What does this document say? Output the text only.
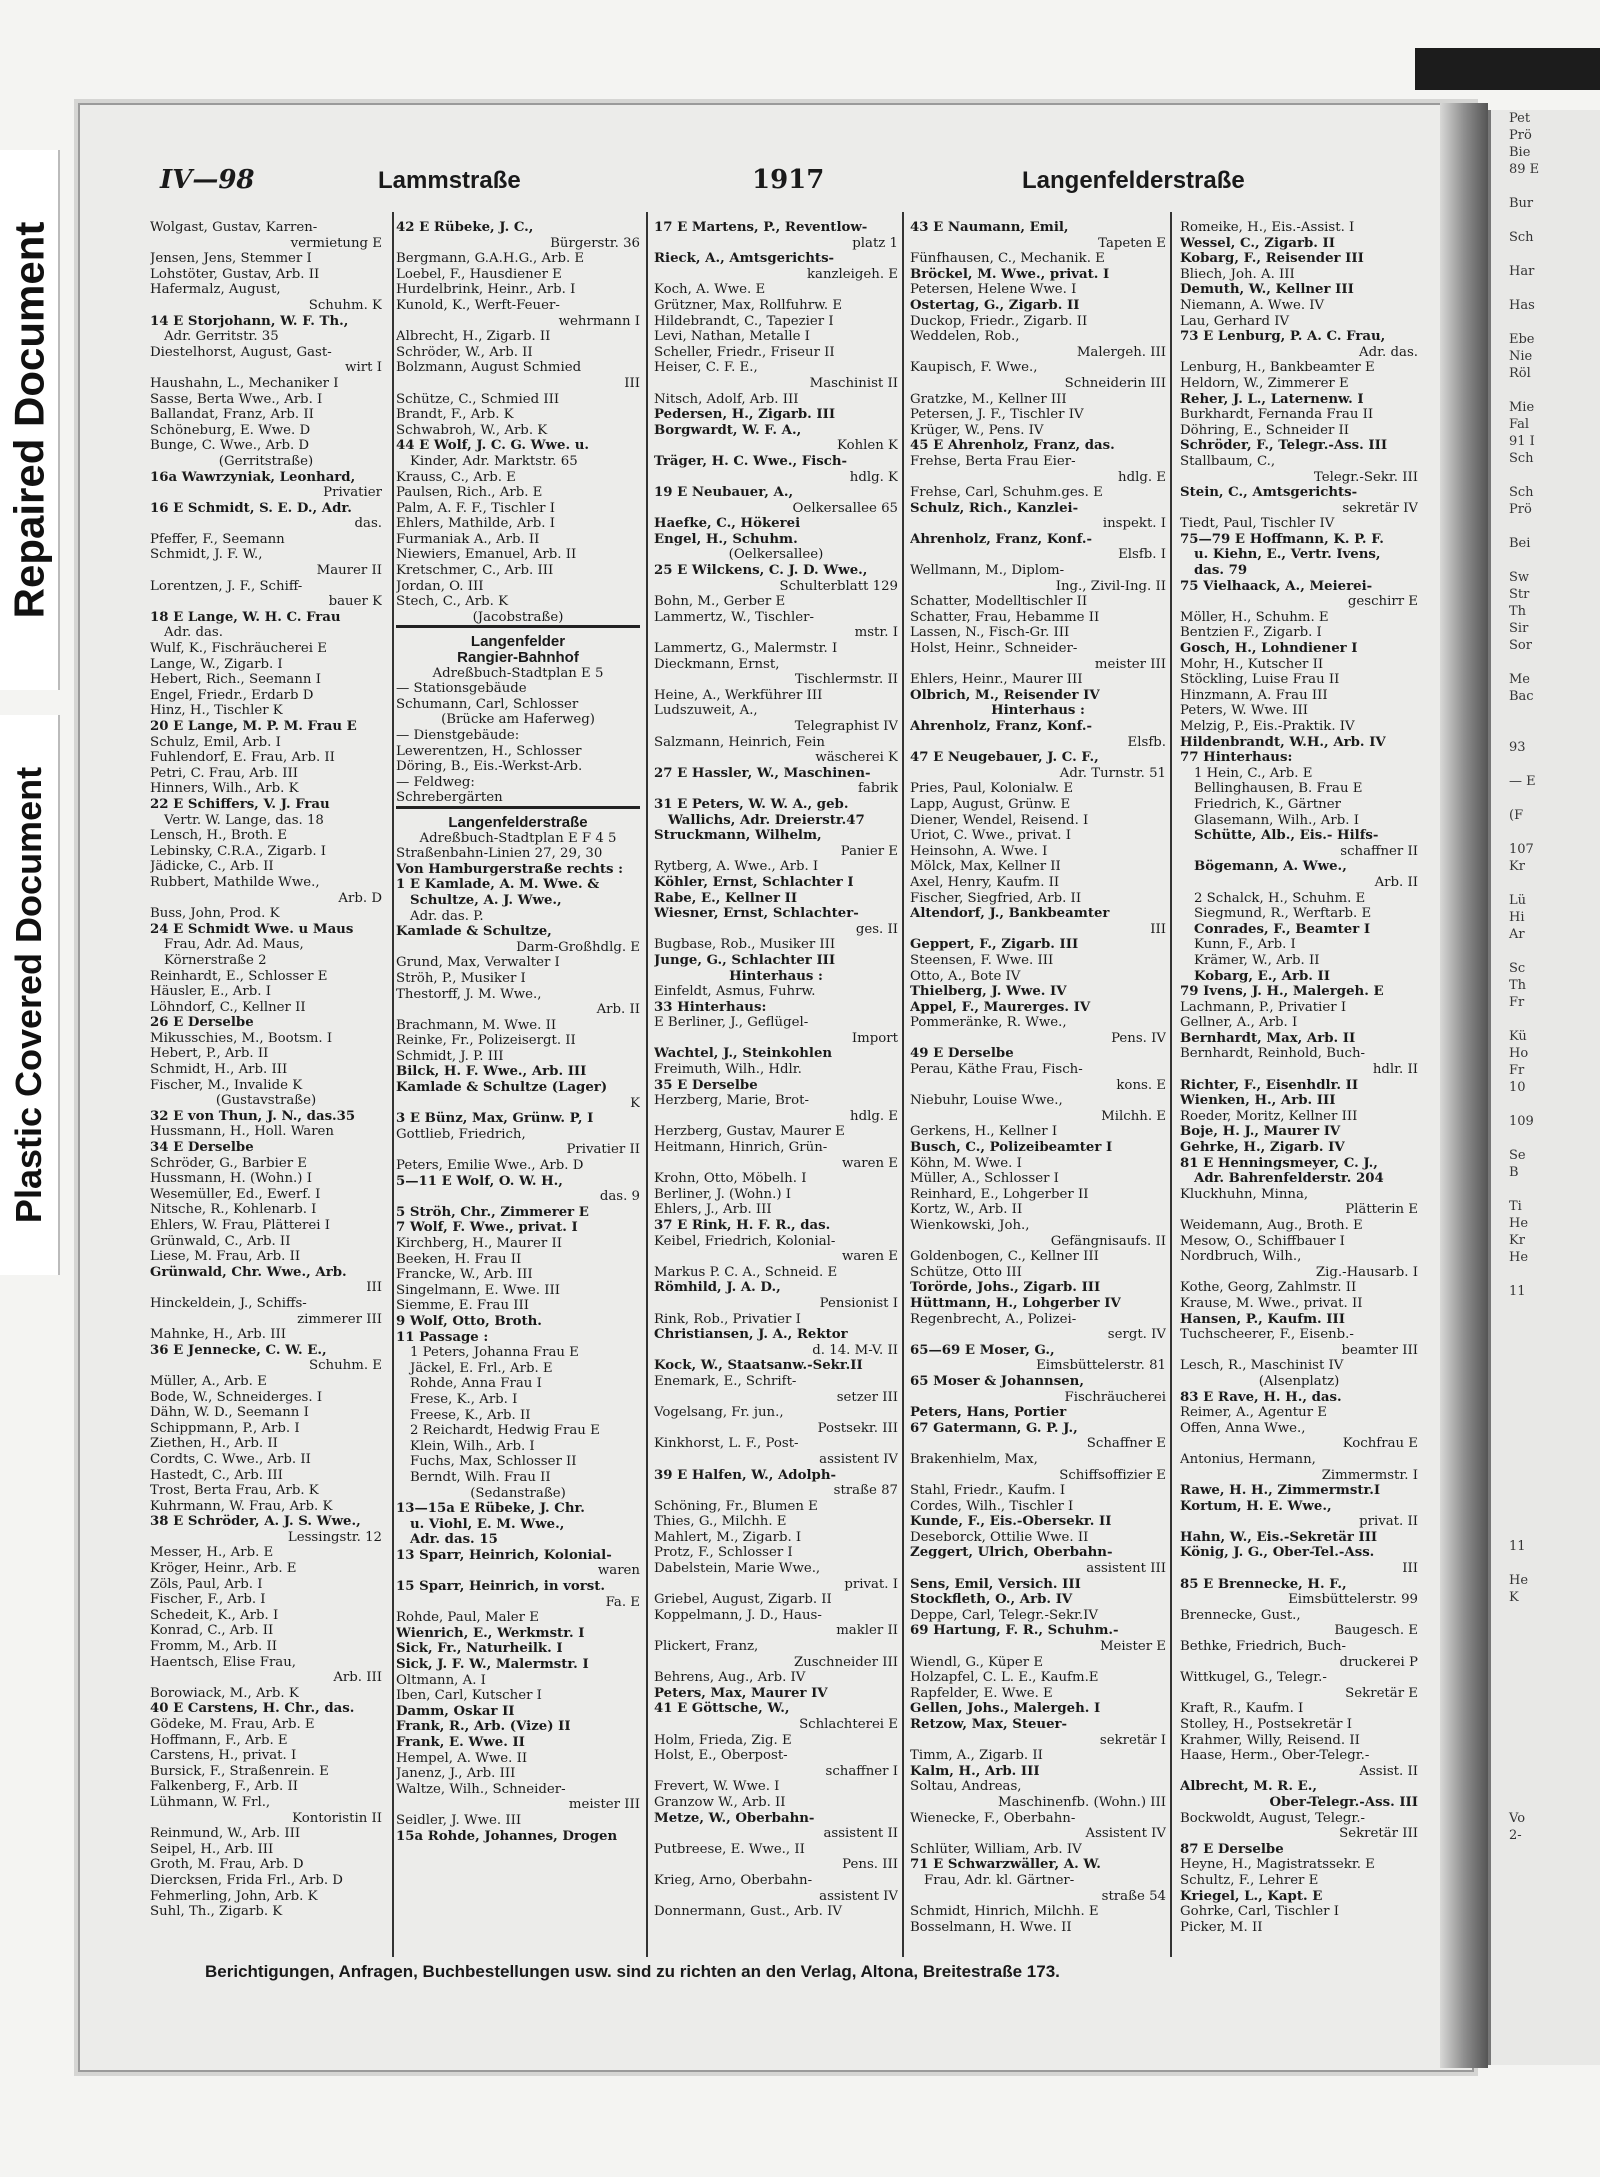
Repaired Document
Plastic Covered Document
Pet
Prö
Bie
89 E

Bur

Sch

Har

Has

Ebe
Nie
Röl

Mie
Fal
91 I
Sch

Sch
Prö

Bei

Sw
Str
Th
Sir
Sor

Me
Bac

93

— E

(F

107
Kr

Lü
Hi
Ar

Sc
Th
Fr

Kü
Ho
Fr
10

109

Se
B

Ti
He
Kr
He

11

11

He
K

Vo
2-
IV—98	Lammstraße	1917	Langenfelderstraße
Wolgast, Gustav, Karren-
vermietung E
Jensen, Jens, Stemmer I
Lohstöter, Gustav, Arb. II
Hafermalz, August,
Schuhm. K
14 E Storjohann, W. F. Th.,
Adr. Gerritstr. 35
Diestelhorst, August, Gast-
wirt I
Haushahn, L., Mechaniker I
Sasse, Berta Wwe., Arb. I
Ballandat, Franz, Arb. II
Schöneburg, E. Wwe. D
Bunge, C. Wwe., Arb. D
(Gerritstraße)
16a Wawrzyniak, Leonhard,
Privatier
16 E Schmidt, S. E. D., Adr.
das.
Pfeffer, F., Seemann
Schmidt, J. F. W.,
Maurer II
Lorentzen, J. F., Schiff-
bauer K
18 E Lange, W. H. C. Frau
Adr. das.
Wulf, K., Fischräucherei E
Lange, W., Zigarb. I
Hebert, Rich., Seemann I
Engel, Friedr., Erdarb D
Hinz, H., Tischler K
20 E Lange, M. P. M. Frau E
Schulz, Emil, Arb. I
Fuhlendorf, E. Frau, Arb. II
Petri, C. Frau, Arb. III
Hinners, Wilh., Arb. K
22 E Schiffers, V. J. Frau
Vertr. W. Lange, das. 18
Lensch, H., Broth. E
Lebinsky, C.R.A., Zigarb. I
Jädicke, C., Arb. II
Rubbert, Mathilde Wwe.,
Arb. D
Buss, John, Prod. K
24 E Schmidt Wwe. u Maus
Frau, Adr. Ad. Maus,
Körnerstraße 2
Reinhardt, E., Schlosser E
Häusler, E., Arb. I
Löhndorf, C., Kellner II
26 E Derselbe
Mikusschies, M., Bootsm. I
Hebert, P., Arb. II
Schmidt, H., Arb. III
Fischer, M., Invalide K
(Gustavstraße)
32 E von Thun, J. N., das.35
Hussmann, H., Holl. Waren
34 E Derselbe
Schröder, G., Barbier E
Hussmann, H. (Wohn.) I
Wesemüller, Ed., Ewerf. I
Nitsche, R., Kohlenarb. I
Ehlers, W. Frau, Plätterei I
Grünwald, C., Arb. II
Liese, M. Frau, Arb. II
Grünwald, Chr. Wwe., Arb.
III
Hinckeldein, J., Schiffs-
zimmerer III
Mahnke, H., Arb. III
36 E Jennecke, C. W. E.,
Schuhm. E
Müller, A., Arb. E
Bode, W., Schneiderges. I
Dähn, W. D., Seemann I
Schippmann, P., Arb. I
Ziethen, H., Arb. II
Cordts, C. Wwe., Arb. II
Hastedt, C., Arb. III
Trost, Berta Frau, Arb. K
Kuhrmann, W. Frau, Arb. K
38 E Schröder, A. J. S. Wwe.,
Lessingstr. 12
Messer, H., Arb. E
Kröger, Heinr., Arb. E
Zöls, Paul, Arb. I
Fischer, F., Arb. I
Schedeit, K., Arb. I
Konrad, C., Arb. II
Fromm, M., Arb. II
Haentsch, Elise Frau,
Arb. III
Borowiack, M., Arb. K
40 E Carstens, H. Chr., das.
Gödeke, M. Frau, Arb. E
Hoffmann, F., Arb. E
Carstens, H., privat. I
Bursick, F., Straßenrein. E
Falkenberg, F., Arb. II
Lühmann, W. Frl.,
Kontoristin II
Reinmund, W., Arb. III
Seipel, H., Arb. III
Groth, M. Frau, Arb. D
Diercksen, Frida Frl., Arb. D
Fehmerling, John, Arb. K
Suhl, Th., Zigarb. K
42 E Rübeke, J. C.,
Bürgerstr. 36
Bergmann, G.A.H.G., Arb. E
Loebel, F., Hausdiener E
Hurdelbrink, Heinr., Arb. I
Kunold, K., Werft-Feuer-
wehrmann I
Albrecht, H., Zigarb. II
Schröder, W., Arb. II
Bolzmann, August Schmied
III
Schütze, C., Schmied III
Brandt, F., Arb. K
Schwabroh, W., Arb. K
44 E Wolf, J. C. G. Wwe. u.
Kinder, Adr. Marktstr. 65
Krauss, C., Arb. E
Paulsen, Rich., Arb. E
Palm, A. F. F., Tischler I
Ehlers, Mathilde, Arb. I
Furmaniak A., Arb. II
Niewiers, Emanuel, Arb. II
Kretschmer, C., Arb. III
Jordan, O. III
Stech, C., Arb. K
(Jacobstraße)
Langenfelder
Rangier-Bahnhof
Adreßbuch-Stadtplan E 5
— Stationsgebäude
Schumann, Carl, Schlosser
(Brücke am Haferweg)
— Dienstgebäude:
Lewerentzen, H., Schlosser
Döring, B., Eis.-Werkst-Arb.
— Feldweg:
Schrebergärten
Langenfelderstraße
Adreßbuch-Stadtplan E F 4 5
Straßenbahn-Linien 27, 29, 30
Von Hamburgerstraße rechts :
1 E Kamlade, A. M. Wwe. &
Schultze, A. J. Wwe.,
Adr. das. P.
Kamlade & Schultze,
Darm-Großhdlg. E
Grund, Max, Verwalter I
Ströh, P., Musiker I
Thestorff, J. M. Wwe.,
Arb. II
Brachmann, M. Wwe. II
Reinke, Fr., Polizeisergt. II
Schmidt, J. P. III
Bilck, H. F. Wwe., Arb. III
Kamlade & Schultze (Lager)
K
3 E Bünz, Max, Grünw. P, I
Gottlieb, Friedrich,
Privatier II
Peters, Emilie Wwe., Arb. D
5—11 E Wolf, O. W. H.,
das. 9
5 Ströh, Chr., Zimmerer E
7 Wolf, F. Wwe., privat. I
Kirchberg, H., Maurer II
Beeken, H. Frau II
Francke, W., Arb. III
Singelmann, E. Wwe. III
Siemme, E. Frau III
9 Wolf, Otto, Broth.
11 Passage :
1 Peters, Johanna Frau E
Jäckel, E. Frl., Arb. E
Rohde, Anna Frau I
Frese, K., Arb. I
Freese, K., Arb. II
2 Reichardt, Hedwig Frau E
Klein, Wilh., Arb. I
Fuchs, Max, Schlosser II
Berndt, Wilh. Frau II
(Sedanstraße)
13—15a E Rübeke, J. Chr.
u. Viohl, E. M. Wwe.,
Adr. das. 15
13 Sparr, Heinrich, Kolonial-
waren
15 Sparr, Heinrich, in vorst.
Fa. E
Rohde, Paul, Maler E
Wienrich, E., Werkmstr. I
Sick, Fr., Naturheilk. I
Sick, J. F. W., Malermstr. I
Oltmann, A. I
Iben, Carl, Kutscher I
Damm, Oskar II
Frank, R., Arb. (Vize) II
Frank, E. Wwe. II
Hempel, A. Wwe. II
Janenz, J., Arb. III
Waltze, Wilh., Schneider-
meister III
Seidler, J. Wwe. III
15a Rohde, Johannes, Drogen
17 E Martens, P., Reventlow-
platz 1
Rieck, A., Amtsgerichts-
kanzleigeh. E
Koch, A. Wwe. E
Grützner, Max, Rollfuhrw. E
Hildebrandt, C., Tapezier I
Levi, Nathan, Metalle I
Scheller, Friedr., Friseur II
Heiser, C. F. E.,
Maschinist II
Nitsch, Adolf, Arb. III
Pedersen, H., Zigarb. III
Borgwardt, W. F. A.,
Kohlen K
Träger, H. C. Wwe., Fisch-
hdlg. K
19 E Neubauer, A.,
Oelkersallee 65
Haefke, C., Hökerei
Engel, H., Schuhm.
(Oelkersallee)
25 E Wilckens, C. J. D. Wwe.,
Schulterblatt 129
Bohn, M., Gerber E
Lammertz, W., Tischler-
mstr. I
Lammertz, G., Malermstr. I
Dieckmann, Ernst,
Tischlermstr. II
Heine, A., Werkführer III
Ludszuweit, A.,
Telegraphist IV
Salzmann, Heinrich, Fein
wäscherei K
27 E Hassler, W., Maschinen-
fabrik
31 E Peters, W. W. A., geb.
Wallichs, Adr. Dreierstr.47
Struckmann, Wilhelm,
Panier E
Rytberg, A. Wwe., Arb. I
Köhler, Ernst, Schlachter I
Rabe, E., Kellner II
Wiesner, Ernst, Schlachter-
ges. II
Bugbase, Rob., Musiker III
Junge, G., Schlachter III
Hinterhaus :
Einfeldt, Asmus, Fuhrw.
33 Hinterhaus:
E Berliner, J., Geflügel-
Import
Wachtel, J., Steinkohlen
Freimuth, Wilh., Hdlr.
35 E Derselbe
Herzberg, Marie, Brot-
hdlg. E
Herzberg, Gustav, Maurer E
Heitmann, Hinrich, Grün-
waren E
Krohn, Otto, Möbelh. I
Berliner, J. (Wohn.) I
Ehlers, J., Arb. III
37 E Rink, H. F. R., das.
Keibel, Friedrich, Kolonial-
waren E
Markus P. C. A., Schneid. E
Römhild, J. A. D.,
Pensionist I
Rink, Rob., Privatier I
Christiansen, J. A., Rektor
d. 14. M-V. II
Kock, W., Staatsanw.-Sekr.II
Enemark, E., Schrift-
setzer III
Vogelsang, Fr. jun.,
Postsekr. III
Kinkhorst, L. F., Post-
assistent IV
39 E Halfen, W., Adolph-
straße 87
Schöning, Fr., Blumen E
Thies, G., Milchh. E
Mahlert, M., Zigarb. I
Protz, F., Schlosser I
Dabelstein, Marie Wwe.,
privat. I
Griebel, August, Zigarb. II
Koppelmann, J. D., Haus-
makler II
Plickert, Franz,
Zuschneider III
Behrens, Aug., Arb. IV
Peters, Max, Maurer IV
41 E Göttsche, W.,
Schlachterei E
Holm, Frieda, Zig. E
Holst, E., Oberpost-
schaffner I
Frevert, W. Wwe. I
Granzow W., Arb. II
Metze, W., Oberbahn-
assistent II
Putbreese, E. Wwe., II
Pens. III
Krieg, Arno, Oberbahn-
assistent IV
Donnermann, Gust., Arb. IV
43 E Naumann, Emil,
Tapeten E
Fünfhausen, C., Mechanik. E
Bröckel, M. Wwe., privat. I
Petersen, Helene Wwe. I
Ostertag, G., Zigarb. II
Duckop, Friedr., Zigarb. II
Weddelen, Rob.,
Malergeh. III
Kaupisch, F. Wwe.,
Schneiderin III
Gratzke, M., Kellner III
Petersen, J. F., Tischler IV
Krüger, W., Pens. IV
45 E Ahrenholz, Franz, das.
Frehse, Berta Frau Eier-
hdlg. E
Frehse, Carl, Schuhm.ges. E
Schulz, Rich., Kanzlei-
inspekt. I
Ahrenholz, Franz, Konf.-
Elsfb. I
Wellmann, M., Diplom-
Ing., Zivil-Ing. II
Schatter, Modelltischler II
Schatter, Frau, Hebamme II
Lassen, N., Fisch-Gr. III
Holst, Heinr., Schneider-
meister III
Ehlers, Heinr., Maurer III
Olbrich, M., Reisender IV
Hinterhaus :
Ahrenholz, Franz, Konf.-
Elsfb.
47 E Neugebauer, J. C. F.,
Adr. Turnstr. 51
Pries, Paul, Kolonialw. E
Lapp, August, Grünw. E
Diener, Wendel, Reisend. I
Uriot, C. Wwe., privat. I
Heinsohn, A. Wwe. I
Mölck, Max, Kellner II
Axel, Henry, Kaufm. II
Fischer, Siegfried, Arb. II
Altendorf, J., Bankbeamter
III
Geppert, F., Zigarb. III
Steensen, F. Wwe. III
Otto, A., Bote IV
Thielberg, J. Wwe. IV
Appel, F., Maurerges. IV
Pommeränke, R. Wwe.,
Pens. IV
49 E Derselbe
Perau, Käthe Frau, Fisch-
kons. E
Niebuhr, Louise Wwe.,
Milchh. E
Gerkens, H., Kellner I
Busch, C., Polizeibeamter I
Köhn, M. Wwe. I
Müller, A., Schlosser I
Reinhard, E., Lohgerber II
Kortz, W., Arb. II
Wienkowski, Joh.,
Gefängnisaufs. II
Goldenbogen, C., Kellner III
Schütze, Otto III
Torörde, Johs., Zigarb. III
Hüttmann, H., Lohgerber IV
Regenbrecht, A., Polizei-
sergt. IV
65—69 E Moser, G.,
Eimsbüttelerstr. 81
65 Moser & Johannsen,
Fischräucherei
Peters, Hans, Portier
67 Gatermann, G. P. J.,
Schaffner E
Brakenhielm, Max,
Schiffsoffizier E
Stahl, Friedr., Kaufm. I
Cordes, Wilh., Tischler I
Kunde, F., Eis.-Obersekr. II
Deseborck, Ottilie Wwe. II
Zeggert, Ulrich, Oberbahn-
assistent III
Sens, Emil, Versich. III
Stockfleth, O., Arb. IV
Deppe, Carl, Telegr.-Sekr.IV
69 Hartung, F. R., Schuhm.-
Meister E
Wiendl, G., Küper E
Holzapfel, C. L. E., Kaufm.E
Rapfelder, E. Wwe. E
Gellen, Johs., Malergeh. I
Retzow, Max, Steuer-
sekretär I
Timm, A., Zigarb. II
Kalm, H., Arb. III
Soltau, Andreas,
Maschinenfb. (Wohn.) III
Wienecke, F., Oberbahn-
Assistent IV
Schlüter, William, Arb. IV
71 E Schwarzwäller, A. W.
Frau, Adr. kl. Gärtner-
straße 54
Schmidt, Hinrich, Milchh. E
Bosselmann, H. Wwe. II
Romeike, H., Eis.-Assist. I
Wessel, C., Zigarb. II
Kobarg, F., Reisender III
Bliech, Joh. A. III
Demuth, W., Kellner III
Niemann, A. Wwe. IV
Lau, Gerhard IV
73 E Lenburg, P. A. C. Frau,
Adr. das.
Lenburg, H., Bankbeamter E
Heldorn, W., Zimmerer E
Reher, J. L., Laternenw. I
Burkhardt, Fernanda Frau II
Döhring, E., Schneider II
Schröder, F., Telegr.-Ass. III
Stallbaum, C.,
Telegr.-Sekr. III
Stein, C., Amtsgerichts-
sekretär IV
Tiedt, Paul, Tischler IV
75—79 E Hoffmann, K. P. F.
u. Kiehn, E., Vertr. Ivens,
das. 79
75 Vielhaack, A., Meierei-
geschirr E
Möller, H., Schuhm. E
Bentzien F., Zigarb. I
Gosch, H., Lohndiener I
Mohr, H., Kutscher II
Stöckling, Luise Frau II
Hinzmann, A. Frau III
Peters, W. Wwe. III
Melzig, P., Eis.-Praktik. IV
Hildenbrandt, W.H., Arb. IV
77 Hinterhaus:
1 Hein, C., Arb. E
Bellinghausen, B. Frau E
Friedrich, K., Gärtner
Glasemann, Wilh., Arb. I
Schütte, Alb., Eis.- Hilfs-
schaffner II
Bögemann, A. Wwe.,
Arb. II
2 Schalck, H., Schuhm. E
Siegmund, R., Werftarb. E
Conrades, F., Beamter I
Kunn, F., Arb. I
Krämer, W., Arb. II
Kobarg, E., Arb. II
79 Ivens, J. H., Malergeh. E
Lachmann, P., Privatier I
Gellner, A., Arb. I
Bernhardt, Max, Arb. II
Bernhardt, Reinhold, Buch-
hdlr. II
Richter, F., Eisenhdlr. II
Wienken, H., Arb. III
Roeder, Moritz, Kellner III
Boje, H. J., Maurer IV
Gehrke, H., Zigarb. IV
81 E Henningsmeyer, C. J.,
Adr. Bahrenfelderstr. 204
Kluckhuhn, Minna,
Plätterin E
Weidemann, Aug., Broth. E
Mesow, O., Schiffbauer I
Nordbruch, Wilh.,
Zig.-Hausarb. I
Kothe, Georg, Zahlmstr. II
Krause, M. Wwe., privat. II
Hansen, P., Kaufm. III
Tuchscheerer, F., Eisenb.-
beamter III
Lesch, R., Maschinist IV
(Alsenplatz)
83 E Rave, H. H., das.
Reimer, A., Agentur E
Offen, Anna Wwe.,
Kochfrau E
Antonius, Hermann,
Zimmermstr. I
Rawe, H. H., Zimmermstr.I
Kortum, H. E. Wwe.,
privat. II
Hahn, W., Eis.-Sekretär III
König, J. G., Ober-Tel.-Ass.
III
85 E Brennecke, H. F.,
Eimsbüttelerstr. 99
Brennecke, Gust.,
Baugesch. E
Bethke, Friedrich, Buch-
druckerei P
Wittkugel, G., Telegr.-
Sekretär E
Kraft, R., Kaufm. I
Stolley, H., Postsekretär I
Krahmer, Willy, Reisend. II
Haase, Herm., Ober-Telegr.-
Assist. II
Albrecht, M. R. E.,
Ober-Telegr.-Ass. III
Bockwoldt, August, Telegr.-
Sekretär III
87 E Derselbe
Heyne, H., Magistratssekr. E
Schultz, F., Lehrer E
Kriegel, L., Kapt. E
Gohrke, Carl, Tischler I
Picker, M. II
Berichtigungen, Anfragen, Buchbestellungen usw. sind zu richten an den Verlag, Altona, Breitestraße 173.
